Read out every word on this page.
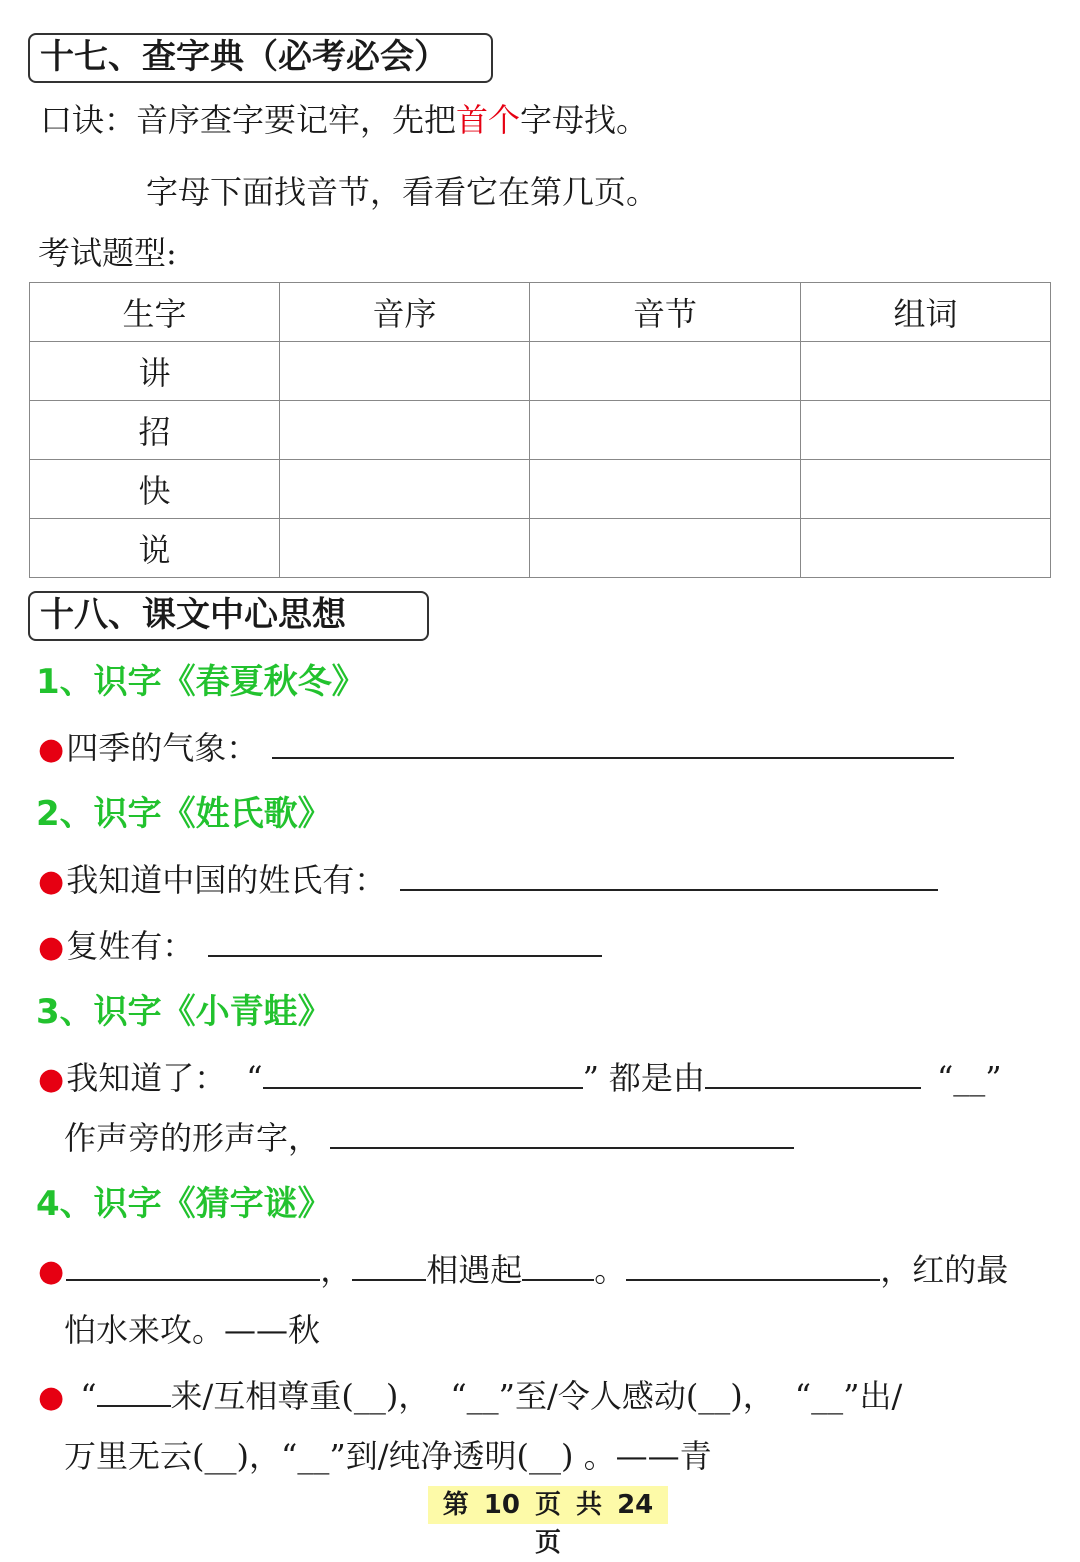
十七、查字典（必考必会）
口诀：音序查字要记牢，先把首个字母找。
字母下面找音节，看看它在第几页。
考试题型:
生字	音序	音节	组词
讲			
招			
快			
说			
十八、课文中心思想
1、识字《春夏秋冬》
●四季的气象：
2、识字《姓氏歌》
●我知道中国的姓氏有：
●复姓有：
3、识字《小青蛙》
●我知道了： “	” 都是由	“__”
作声旁的形声字，
4、识字《猜字谜》
●	， 相遇起 。	，红的最
怕水来攻。——秋
● “ 来/互相尊重(__)， “__”至/令人感动(__)， “__”出/
万里无云(__)，“__”到/纯净透明(__) 。——青
第 10 页 共 24 页
